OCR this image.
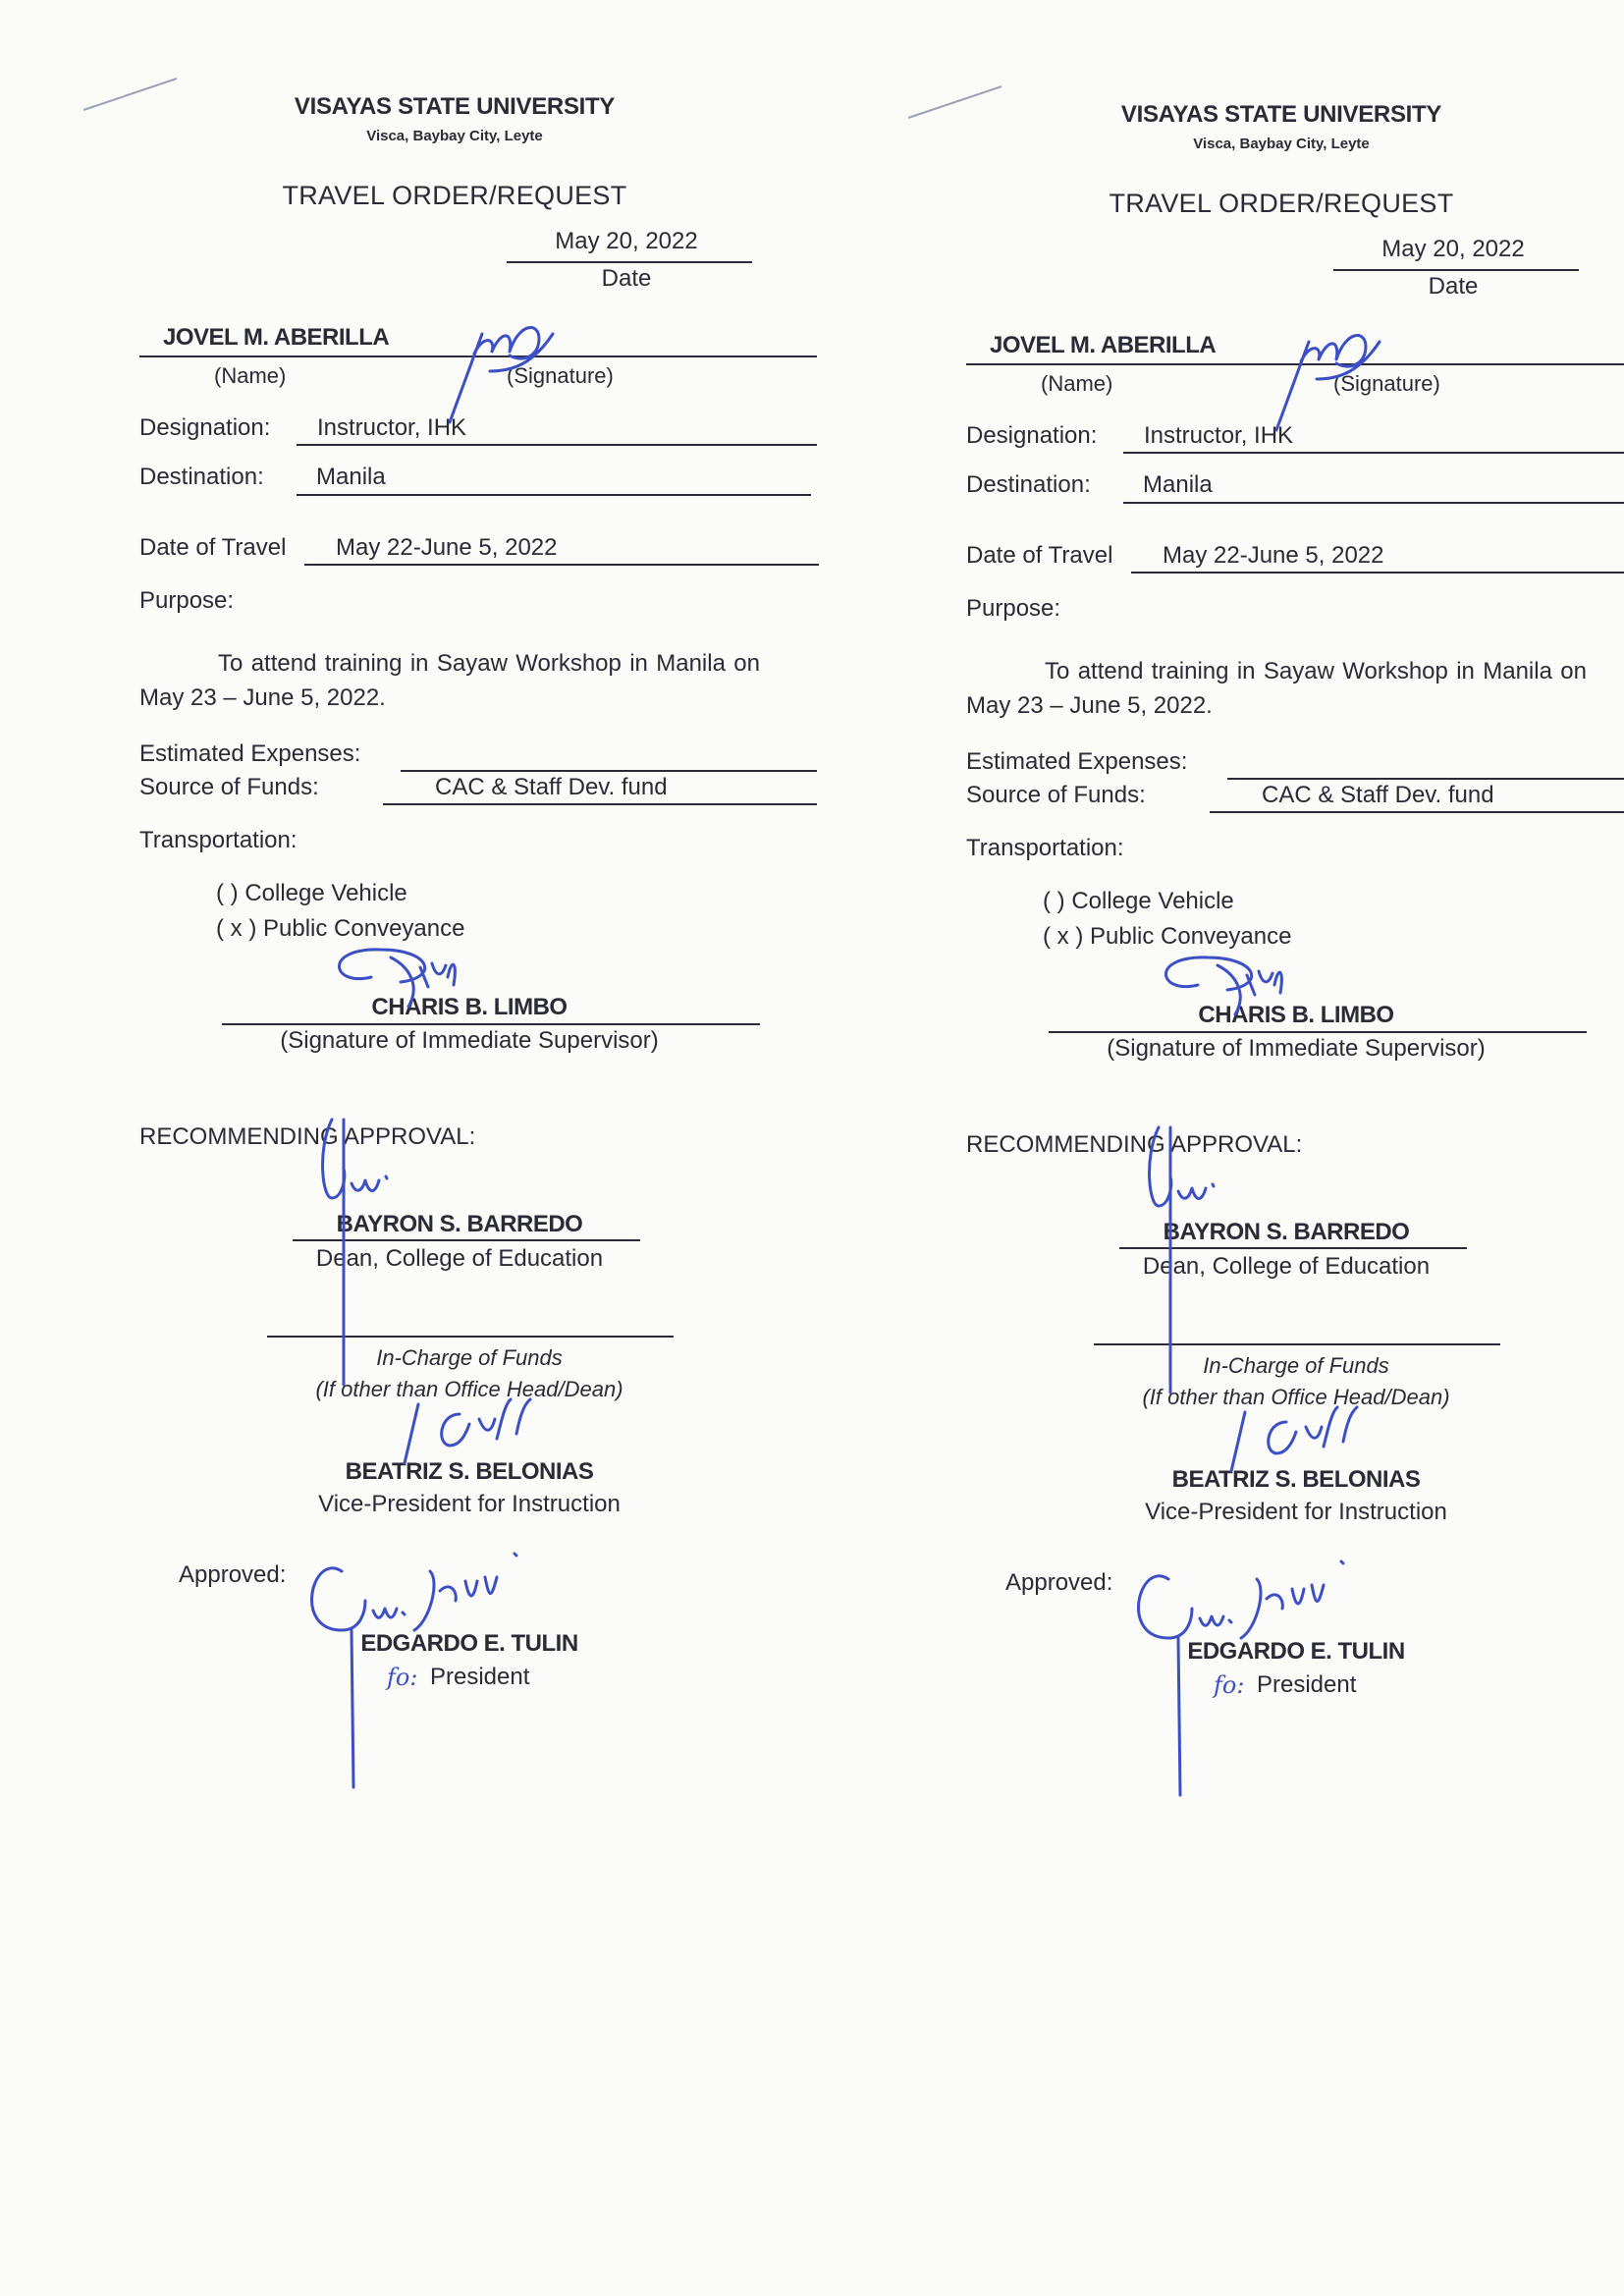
VISAYAS STATE UNIVERSITY
Visca, Baybay City, Leyte
TRAVEL ORDER/REQUEST
May 20, 2022
Date
JOVEL M. ABERILLA
(Name)	(Signature)
Designation: Instructor, IHK
Destination: Manila
Date of Travel May 22-June 5, 2022
Purpose:
To attend training in Sayaw Workshop in Manila on May 23 – June 5, 2022.
Estimated Expenses:
Source of Funds:	CAC & Staff Dev. fund
Transportation:
( ) College Vehicle
( x ) Public Conveyance
CHARIS B. LIMBO
(Signature of Immediate Supervisor)
RECOMMENDING APPROVAL:
BAYRON S. BARREDO
Dean, College of Education
In-Charge of Funds
(If other than Office Head/Dean)
BEATRIZ S. BELONIAS
Vice-President for Instruction
Approved:
EDGARDO E. TULIN
fo: President
VISAYAS STATE UNIVERSITY
Visca, Baybay City, Leyte
TRAVEL ORDER/REQUEST
May 20, 2022
Date
JOVEL M. ABERILLA
(Name)	(Signature)
Designation: Instructor, IHK
Destination: Manila
Date of Travel May 22-June 5, 2022
Purpose:
To attend training in Sayaw Workshop in Manila on May 23 – June 5, 2022.
Estimated Expenses:
Source of Funds:	CAC & Staff Dev. fund
Transportation:
( ) College Vehicle
( x ) Public Conveyance
CHARIS B. LIMBO
(Signature of Immediate Supervisor)
RECOMMENDING APPROVAL:
BAYRON S. BARREDO
Dean, College of Education
In-Charge of Funds
(If other than Office Head/Dean)
BEATRIZ S. BELONIAS
Vice-President for Instruction
Approved:
EDGARDO E. TULIN
fo: President
